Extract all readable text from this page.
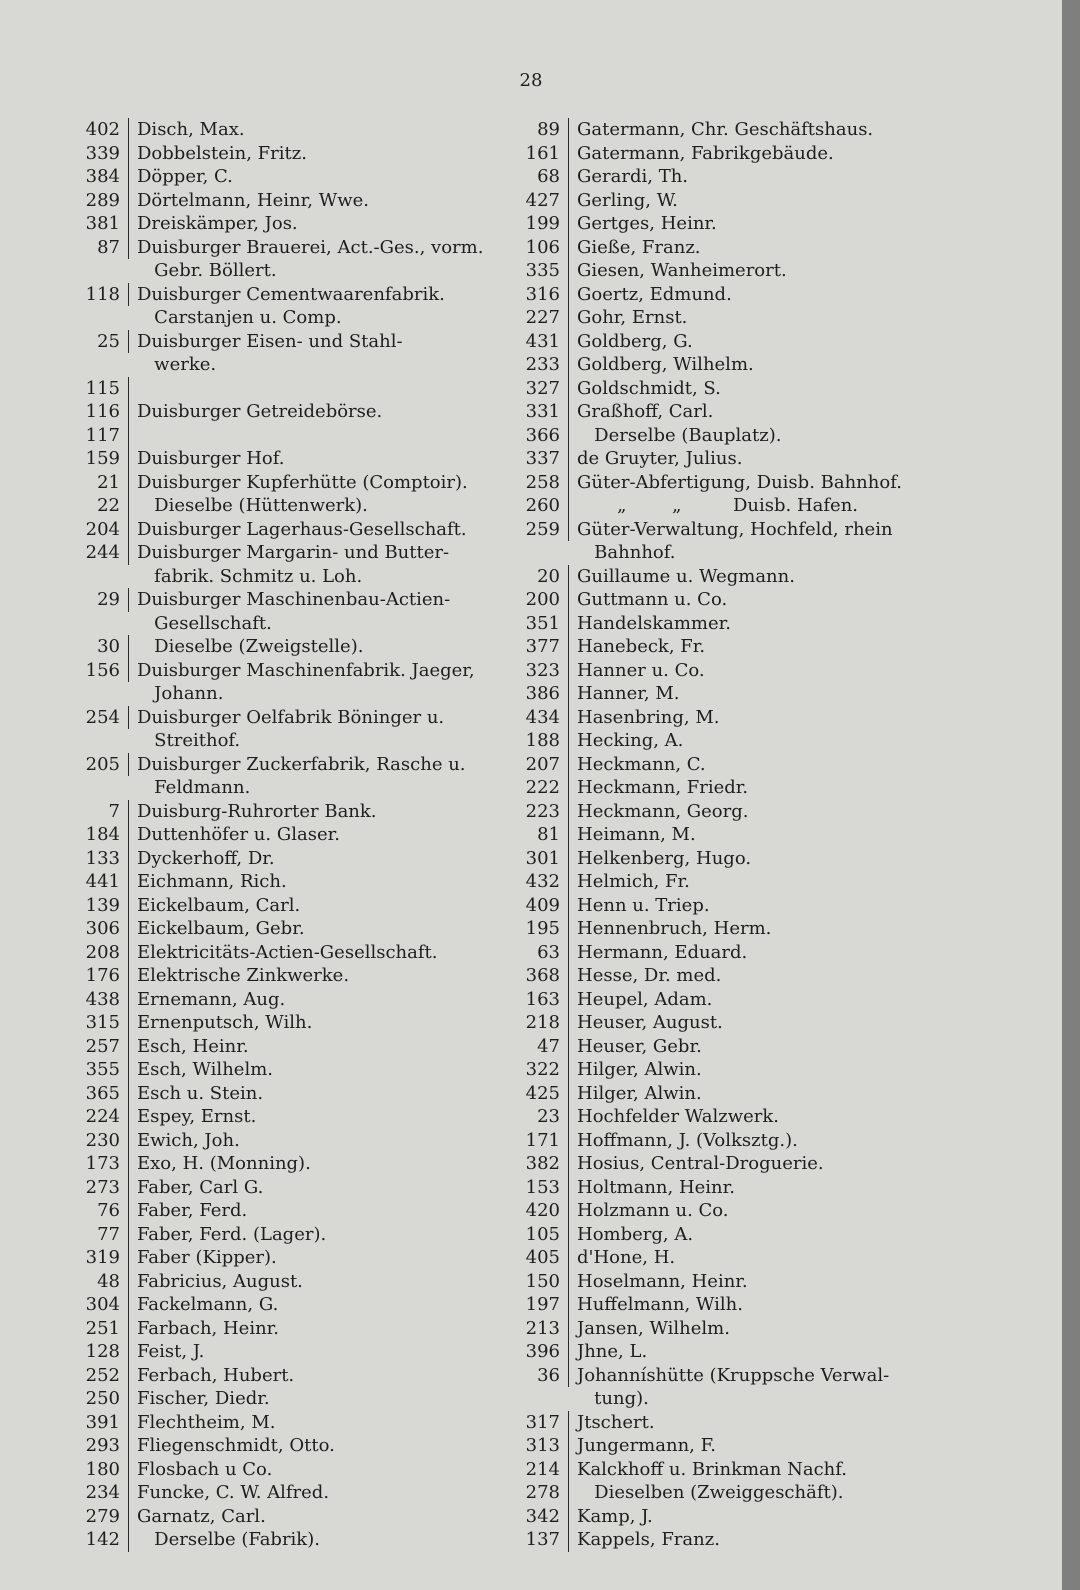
28
402 Disch, Max.
339 Dobbelstein, Fritz.
384 Döpper, C.
289 Dörtelmann, Heinr, Wwe.
381 Dreiskämper, Jos.
87 Duisburger Brauerei, Act.-Ges., vorm.
Gebr. Böllert.
118 Duisburger Cementwaarenfabrik.
Carstanjen u. Comp.
25 Duisburger Eisen- und Stahl-
werke.
115
116 Duisburger Getreidebörse.
117
159 Duisburger Hof.
21 Duisburger Kupferhütte (Comptoir).
22 Dieselbe (Hüttenwerk).
204 Duisburger Lagerhaus-Gesellschaft.
244 Duisburger Margarin- und Butter-
fabrik. Schmitz u. Loh.
29 Duisburger Maschinenbau-Actien-
Gesellschaft.
30 Dieselbe (Zweigstelle).
156 Duisburger Maschinenfabrik. Jaeger,
Johann.
254 Duisburger Oelfabrik Böninger u.
Streithof.
205 Duisburger Zuckerfabrik, Rasche u.
Feldmann.
7 Duisburg-Ruhrorter Bank.
184 Duttenhöfer u. Glaser.
133 Dyckerhoff, Dr.
441 Eichmann, Rich.
139 Eickelbaum, Carl.
306 Eickelbaum, Gebr.
208 Elektricitäts-Actien-Gesellschaft.
176 Elektrische Zinkwerke.
438 Ernemann, Aug.
315 Ernenputsch, Wilh.
257 Esch, Heinr.
355 Esch, Wilhelm.
365 Esch u. Stein.
224 Espey, Ernst.
230 Ewich, Joh.
173 Exo, H. (Monning).
273 Faber, Carl G.
76 Faber, Ferd.
77 Faber, Ferd. (Lager).
319 Faber (Kipper).
48 Fabricius, August.
304 Fackelmann, G.
251 Farbach, Heinr.
128 Feist, J.
252 Ferbach, Hubert.
250 Fischer, Diedr.
391 Flechtheim, M.
293 Fliegenschmidt, Otto.
180 Flosbach u Co.
234 Funcke, C. W. Alfred.
279 Garnatz, Carl.
142 Derselbe (Fabrik).
89 Gatermann, Chr. Geschäftshaus.
161 Gatermann, Fabrikgebäude.
68 Gerardi, Th.
427 Gerling, W.
199 Gertges, Heinr.
106 Gieße, Franz.
335 Giesen, Wanheimerort.
316 Goertz, Edmund.
227 Gohr, Ernst.
431 Goldberg, G.
233 Goldberg, Wilhelm.
327 Goldschmidt, S.
331 Graßhoff, Carl.
366 Derselbe (Bauplatz).
337 de Gruyter, Julius.
258 Güter-Abfertigung, Duisb. Bahnhof.
260 „        „         Duisb. Hafen.
259 Güter-Verwaltung, Hochfeld, rhein
Bahnhof.
20 Guillaume u. Wegmann.
200 Guttmann u. Co.
351 Handelskammer.
377 Hanebeck, Fr.
323 Hanner u. Co.
386 Hanner, M.
434 Hasenbring, M.
188 Hecking, A.
207 Heckmann, C.
222 Heckmann, Friedr.
223 Heckmann, Georg.
81 Heimann, M.
301 Helkenberg, Hugo.
432 Helmich, Fr.
409 Henn u. Triep.
195 Hennenbruch, Herm.
63 Hermann, Eduard.
368 Hesse, Dr. med.
163 Heupel, Adam.
218 Heuser, August.
47 Heuser, Gebr.
322 Hilger, Alwin.
425 Hilger, Alwin.
23 Hochfelder Walzwerk.
171 Hoffmann, J. (Volksztg.).
382 Hosius, Central-Droguerie.
153 Holtmann, Heinr.
420 Holzmann u. Co.
105 Homberg, A.
405 d'Hone, H.
150 Hoselmann, Heinr.
197 Huffelmann, Wilh.
213 Jansen, Wilhelm.
396 Jhne, L.
36 Johanníshütte (Kruppsche Verwal-
tung).
317 Jtschert.
313 Jungermann, F.
214 Kalckhoff u. Brinkman Nachf.
278 Dieselben (Zweiggeschäft).
342 Kamp, J.
137 Kappels, Franz.
